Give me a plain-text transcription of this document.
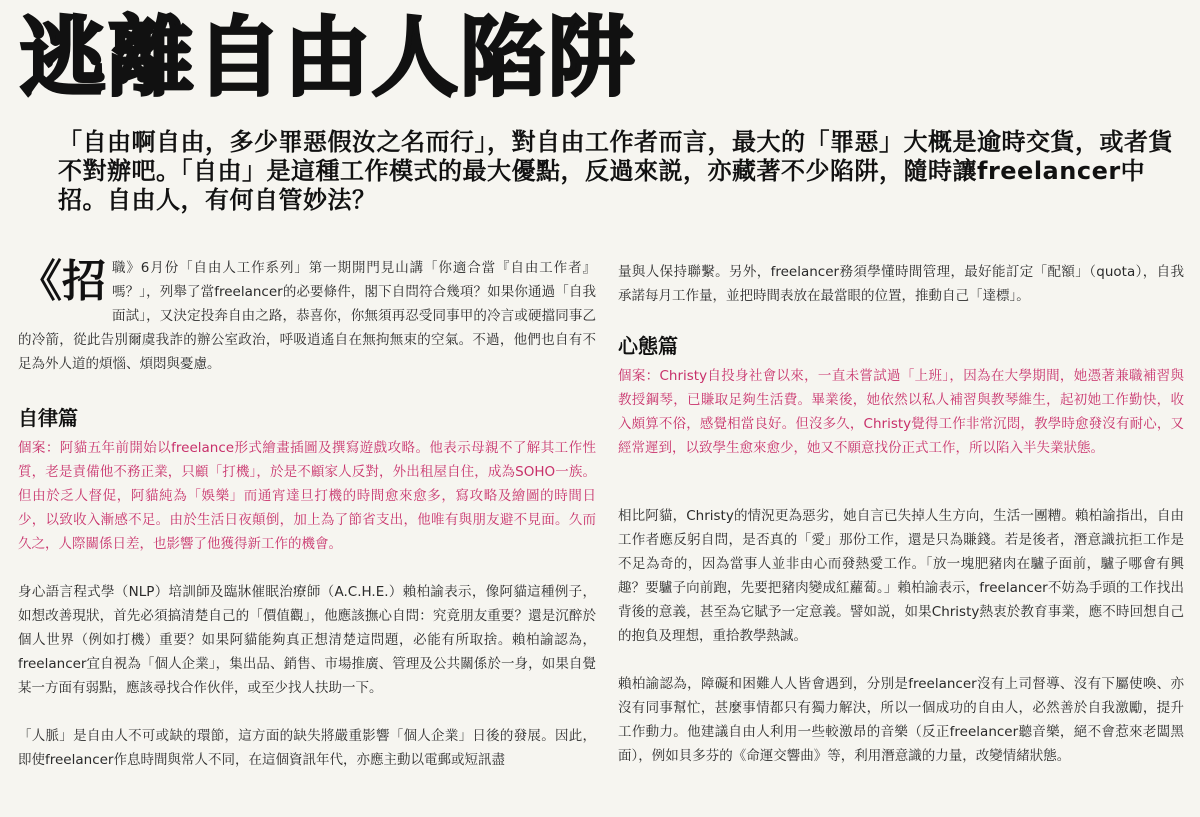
逃離自由人陷阱
「自由啊自由，多少罪惡假汝之名而行」，對自由工作者而言，最大的「罪惡」大概是逾時交貨，或者貨不對辦吧。「自由」是這種工作模式的最大優點，反過來説，亦藏著不少陷阱，隨時讓freelancer中招。自由人，有何自管妙法？

《招職》6月份「自由人工作系列」第一期開門見山講「你適合當『自由工作者』嗎？」，列舉了當freelancer的必要條件，閣下自問符合幾項？如果你通過「自我面試」，又決定投奔自由之路，恭喜你，你無須再忍受同事甲的冷言或硬擋同事乙的冷箭，從此告別爾虞我詐的辦公室政治，呼吸逍遙自在無拘無束的空氣。不過，他們也自有不足為外人道的煩惱、煩悶與憂慮。

自律篇

個案：阿貓五年前開始以freelance形式繪畫插圖及撰寫遊戲攻略。他表示母親不了解其工作性質，老是責備他不務正業，只顧「打機」，於是不顧家人反對，外出租屋自住，成為SOHO一族。但由於乏人督促，阿貓純為「娛樂」而通宵達旦打機的時間愈來愈多，寫攻略及繪圖的時間日少，以致收入漸感不足。由於生活日夜顛倒，加上為了節省支出，他唯有與朋友避不見面。久而久之，人際關係日差，也影響了他獲得新工作的機會。

身心語言程式學（NLP）培訓師及臨牀催眠治療師（A.C.H.E.）賴柏諭表示，像阿貓這種例子，如想改善現狀，首先必須搞清楚自己的「價值觀」，他應該撫心自問：究竟朋友重要？還是沉醉於個人世界（例如打機）重要？如果阿貓能夠真正想清楚這問題，必能有所取捨。賴柏諭認為，freelancer宜自視為「個人企業」，集出品、銷售、市場推廣、管理及公共關係於一身，如果自覺某一方面有弱點，應該尋找合作伙伴，或至少找人扶助一下。

「人脈」是自由人不可或缺的環節，這方面的缺失將嚴重影響「個人企業」日後的發展。因此，即使freelancer作息時間與常人不同，在這個資訊年代，亦應主動以電郵或短訊盡

量與人保持聯繫。另外，freelancer務須學懂時間管理，最好能訂定「配額」（quota），自我承諾每月工作量，並把時間表放在最當眼的位置，推動自己「達標」。

心態篇

個案：Christy自投身社會以來，一直未嘗試過「上班」，因為在大學期間，她憑著兼職補習與教授鋼琴，已賺取足夠生活費。畢業後，她依然以私人補習與教琴維生，起初她工作勤快，收入頗算不俗，感覺相當良好。但沒多久，Christy覺得工作非常沉悶，教學時愈發沒有耐心，又經常遲到，以致學生愈來愈少，她又不願意找份正式工作，所以陷入半失業狀態。

相比阿貓，Christy的情況更為惡劣，她自言已失掉人生方向，生活一團糟。賴柏諭指出，自由工作者應反躬自問，是否真的「愛」那份工作，還是只為賺錢。若是後者，潛意識抗拒工作是不足為奇的，因為當事人並非由心而發熱愛工作。「放一塊肥豬肉在驢子面前，驢子哪會有興趣？要驢子向前跑，先要把豬肉變成紅蘿蔔。」賴柏諭表示，freelancer不妨為手頭的工作找出背後的意義，甚至為它賦予一定意義。譬如説，如果Christy熱衷於教育事業，應不時回想自己的抱負及理想，重拾教學熱誠。

賴柏諭認為，障礙和困難人人皆會遇到，分別是freelancer沒有上司督導、沒有下屬使喚、亦沒有同事幫忙，甚麼事情都只有獨力解決，所以一個成功的自由人，必然善於自我激勵，提升工作動力。他建議自由人利用一些較激昂的音樂（反正freelancer聽音樂，絕不會惹來老闆黑面），例如貝多芬的《命運交響曲》等，利用潛意識的力量，改變情緒狀態。
